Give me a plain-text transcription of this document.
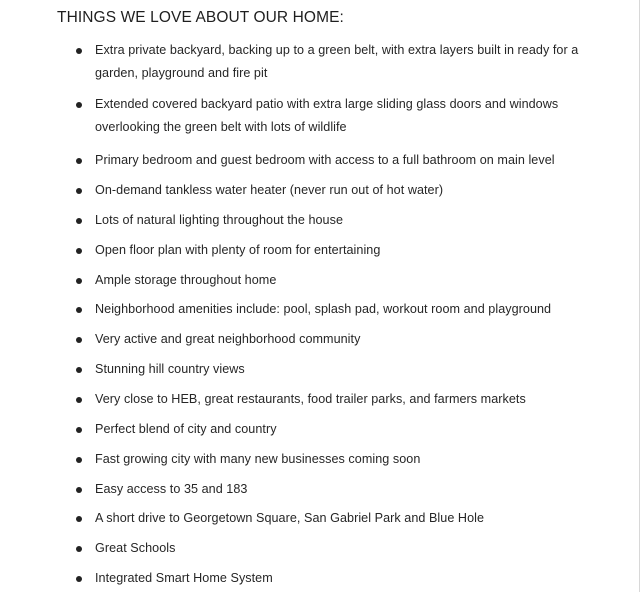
THINGS WE LOVE ABOUT OUR HOME:
Extra private backyard, backing up to a green belt, with extra layers built in ready for a garden, playground and fire pit
Extended covered backyard patio with extra large sliding glass doors and windows overlooking the green belt with lots of wildlife
Primary bedroom and guest bedroom with access to a full bathroom on main level
On-demand tankless water heater (never run out of hot water)
Lots of natural lighting throughout the house
Open floor plan with plenty of room for entertaining
Ample storage throughout home
Neighborhood amenities include: pool, splash pad, workout room and playground
Very active and great neighborhood community
Stunning hill country views
Very close to HEB, great restaurants, food trailer parks, and farmers markets
Perfect blend of city and country
Fast growing city with many new businesses coming soon
Easy access to 35 and 183
A short drive to Georgetown Square, San Gabriel Park and Blue Hole
Great Schools
Integrated Smart Home System
